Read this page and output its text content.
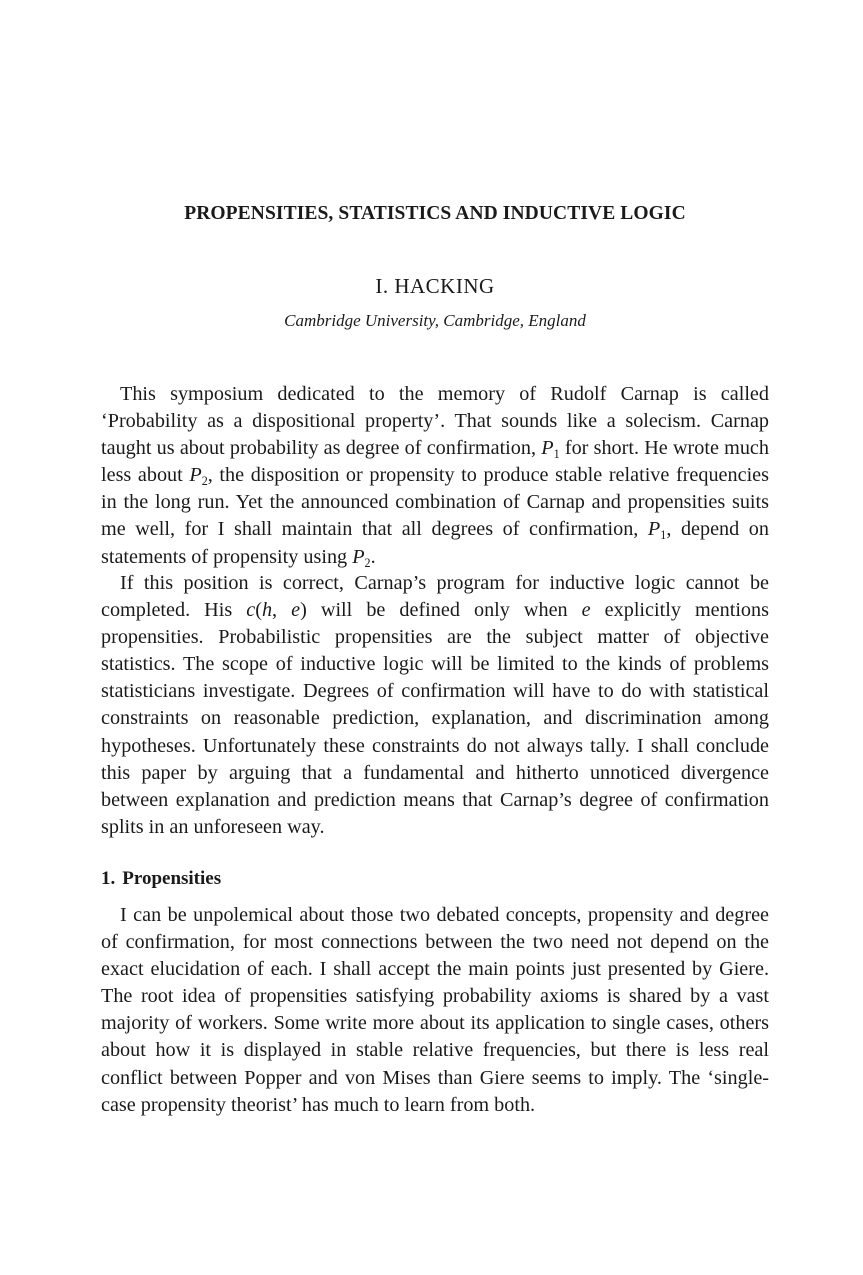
PROPENSITIES, STATISTICS AND INDUCTIVE LOGIC
I. HACKING
Cambridge University, Cambridge, England

This symposium dedicated to the memory of Rudolf Carnap is called ‘Probability as a dispositional property’. That sounds like a solecism. Carnap taught us about probability as degree of confirmation, $P_1$ for short. He wrote much less about $P_2$, the disposition or propensity to produce stable relative frequencies in the long run. Yet the announced combination of Carnap and propensities suits me well, for I shall maintain that all degrees of confirmation, $P_1$, depend on statements of propensity using $P_2$.

If this position is correct, Carnap’s program for inductive logic cannot be completed. His c(h, e) will be defined only when e explicitly mentions propensities. Probabilistic propensities are the subject matter of objective statistics. The scope of inductive logic will be limited to the kinds of problems statisticians investigate. Degrees of confirmation will have to do with statistical constraints on reasonable prediction, explanation, and discrimination among hypotheses. Unfortunately these constraints do not always tally. I shall conclude this paper by arguing that a fundamental and hitherto unnoticed divergence between explanation and prediction means that Carnap’s degree of confirmation splits in an unforeseen way.

1. Propensities

I can be unpolemical about those two debated concepts, propensity and degree of confirmation, for most connections between the two need not depend on the exact elucidation of each. I shall accept the main points just presented by Giere. The root idea of propensities satisfying probability axioms is shared by a vast majority of workers. Some write more about its application to single cases, others about how it is displayed in stable relative frequencies, but there is less real conflict between Popper and von Mises than Giere seems to imply. The ‘single-case propensity theorist’ has much to learn from both.
